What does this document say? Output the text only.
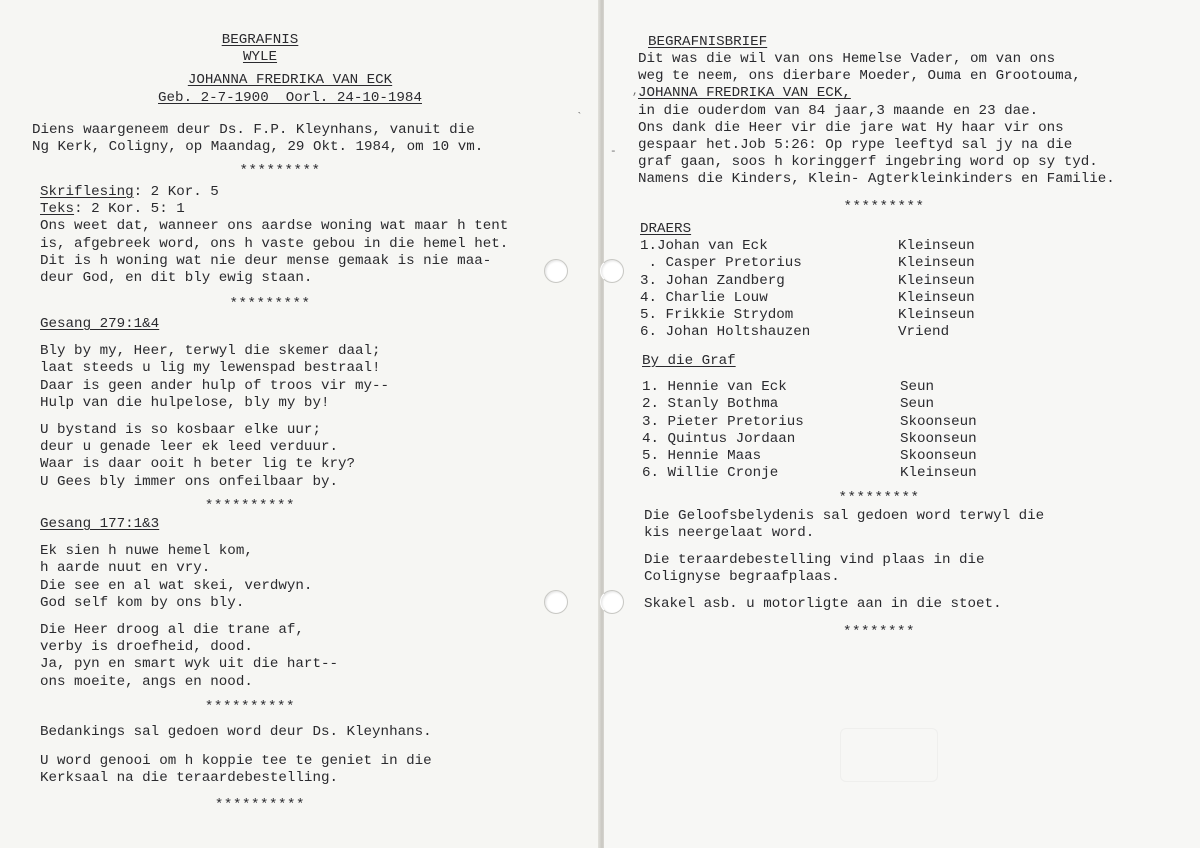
BEGRAFNIS
WYLE
JOHANNA FREDRIKA VAN ECK
Geb. 2-7-1900  Oorl. 24-10-1984
Diens waargeneem deur Ds. F.P. Kleynhans, vanuit die
Ng Kerk, Coligny, op Maandag, 29 Okt. 1984, om 10 vm.
*********
Skriflesing: 2 Kor. 5
Teks: 2 Kor. 5: 1
Ons weet dat, wanneer ons aardse woning wat maar h tent
is, afgebreek word, ons h vaste gebou in die hemel het.
Dit is h woning wat nie deur mense gemaak is nie maa-
deur God, en dit bly ewig staan.
*********
Gesang 279:1&4
Bly by my, Heer, terwyl die skemer daal;
laat steeds u lig my lewenspad bestraal!
Daar is geen ander hulp of troos vir my--
Hulp van die hulpelose, bly my by!
U bystand is so kosbaar elke uur;
deur u genade leer ek leed verduur.
Waar is daar ooit h beter lig te kry?
U Gees bly immer ons onfeilbaar by.
**********
Gesang 177:1&3
Ek sien h nuwe hemel kom,
h aarde nuut en vry.
Die see en al wat skei, verdwyn.
God self kom by ons bly.
Die Heer droog al die trane af,
verby is droefheid, dood.
Ja, pyn en smart wyk uit die hart--
ons moeite, angs en nood.
**********
Bedankings sal gedoen word deur Ds. Kleynhans.
U word genooi om h koppie tee te geniet in die
Kerksaal na die teraardebestelling.
**********
BEGRAFNISBRIEF
Dit was die wil van ons Hemelse Vader, om van ons
weg te neem, ons dierbare Moeder, Ouma en Grootouma,
JOHANNA FREDRIKA VAN ECK,
in die ouderdom van 84 jaar,3 maande en 23 dae.
Ons dank die Heer vir die jare wat Hy haar vir ons
gespaar het.Job 5:26: Op rype leeftyd sal jy na die
graf gaan, soos h koringgerf ingebring word op sy tyd.
Namens die Kinders, Klein- Agterkleinkinders en Familie.
*********
DRAERS
1.Johan van Eck	Kleinseun
. Casper Pretorius	Kleinseun
3. Johan Zandberg	Kleinseun
4. Charlie Louw	Kleinseun
5. Frikkie Strydom	Kleinseun
6. Johan Holtshauzen	Vriend
By die Graf
1. Hennie van Eck	Seun
2. Stanly Bothma	Seun
3. Pieter Pretorius	Skoonseun
4. Quintus Jordaan	Skoonseun
5. Hennie Maas	Skoonseun
6. Willie Cronje	Kleinseun
*********
Die Geloofsbelydenis sal gedoen word terwyl die
kis neergelaat word.
Die teraardebestelling vind plaas in die
Colignyse begraafplaas.
Skakel asb. u motorligte aan in die stoet.
********
,
-
`
